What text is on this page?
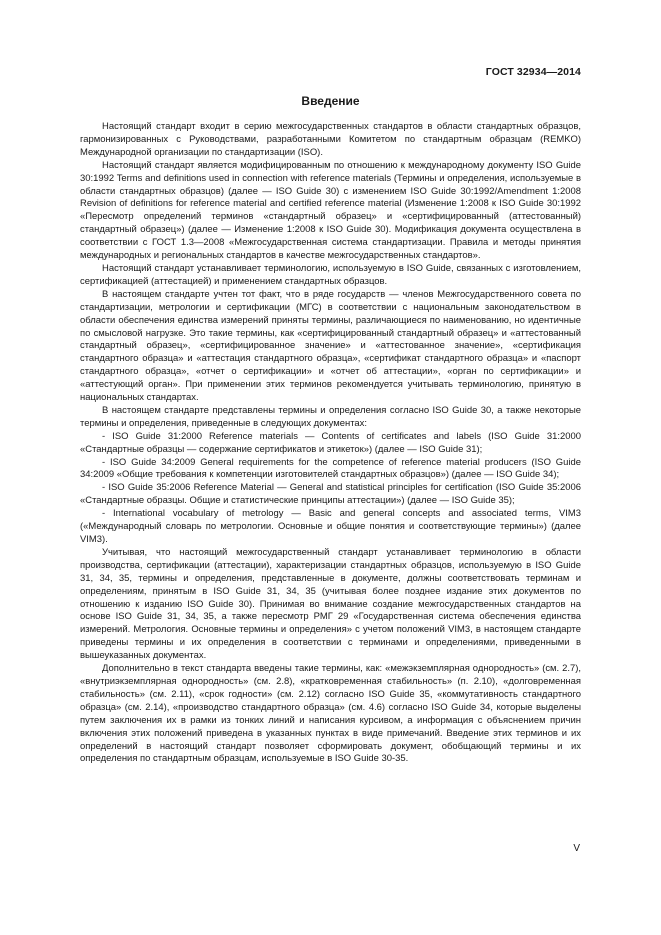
ГОСТ 32934—2014
Введение

Настоящий стандарт входит в серию межгосударственных стандартов в области стандартных образцов, гармонизированных с Руководствами, разработанными Комитетом по стандартным образцам (REMKO) Международной организации по стандартизации (ISO).

Настоящий стандарт является модифицированным по отношению к международному документу ISO Guide 30:1992 Terms and definitions used in connection with reference materials (Термины и определения, используемые в области стандартных образцов) (далее — ISO Guide 30) с изменением ISO Guide 30:1992/Amendment 1:2008 Revision of definitions for reference material and certified reference material (Изменение 1:2008 к ISO Guide 30:1992 «Пересмотр определений терминов «стандартный образец» и «сертифицированный (аттестованный) стандартный образец») (далее — Изменение 1:2008 к ISO Guide 30). Модификация документа осуществлена в соответствии с ГОСТ 1.3—2008 «Межгосударственная система стандартизации. Правила и методы принятия международных и региональных стандартов в качестве межгосударственных стандартов».

Настоящий стандарт устанавливает терминологию, используемую в ISO Guide, связанных с изготовлением, сертификацией (аттестацией) и применением стандартных образцов.

В настоящем стандарте учтен тот факт, что в ряде государств — членов Межгосударственного совета по стандартизации, метрологии и сертификации (МГС) в соответствии с национальным законодательством в области обеспечения единства измерений приняты термины, различающиеся по наименованию, но идентичные по смысловой нагрузке. Это такие термины, как «сертифицированный стандартный образец» и «аттестованный стандартный образец», «сертифицированное значение» и «аттестованное значение», «сертификация стандартного образца» и «аттестация стандартного образца», «сертификат стандартного образца» и «паспорт стандартного образца», «отчет о сертификации» и «отчет об аттестации», «орган по сертификации» и «аттестующий орган». При применении этих терминов рекомендуется учитывать терминологию, принятую в национальных стандартах.

В настоящем стандарте представлены термины и определения согласно ISO Guide 30, а также некоторые термины и определения, приведенные в следующих документах:

- ISO Guide 31:2000 Reference materials — Contents of certificates and labels (ISO Guide 31:2000 «Стандартные образцы — содержание сертификатов и этикеток») (далее — ISO Guide 31);

- ISO Guide 34:2009 General requirements for the competence of reference material producers (ISO Guide 34:2009 «Общие требования к компетенции изготовителей стандартных образцов») (далее — ISO Guide 34);

- ISO Guide 35:2006 Reference Material — General and statistical principles for certification (ISO Guide 35:2006 «Стандартные образцы. Общие и статистические принципы аттестации») (далее — ISO Guide 35);

- International vocabulary of metrology — Basic and general concepts and associated terms, VIM3 («Международный словарь по метрологии. Основные и общие понятия и соответствующие термины») (далее VIM3).

Учитывая, что настоящий межгосударственный стандарт устанавливает терминологию в области производства, сертификации (аттестации), характеризации стандартных образцов, используемую в ISO Guide 31, 34, 35, термины и определения, представленные в документе, должны соответствовать терминам и определениям, принятым в ISO Guide 31, 34, 35 (учитывая более позднее издание этих документов по отношению к изданию ISO Guide 30). Принимая во внимание создание межгосударственных стандартов на основе ISO Guide 31, 34, 35, а также пересмотр РМГ 29 «Государственная система обеспечения единства измерений. Метрология. Основные термины и определения» с учетом положений VIM3, в настоящем стандарте приведены термины и их определения в соответствии с терминами и определениями, приведенными в вышеуказанных документах.

Дополнительно в текст стандарта введены такие термины, как: «межэкземплярная однородность» (см. 2.7), «внутриэкземплярная однородность» (см. 2.8), «кратковременная стабильность» (п. 2.10), «долговременная стабильность» (см. 2.11), «срок годности» (см. 2.12) согласно ISO Guide 35, «коммутативность стандартного образца» (см. 2.14), «производство стандартного образца» (см. 4.6) согласно ISO Guide 34, которые выделены путем заключения их в рамки из тонких линий и написания курсивом, а информация с объяснением причин включения этих положений приведена в указанных пунктах в виде примечаний. Введение этих терминов и их определений в настоящий стандарт позволяет сформировать документ, обобщающий термины и их определения по стандартным образцам, используемые в ISO Guide 30-35.

V
